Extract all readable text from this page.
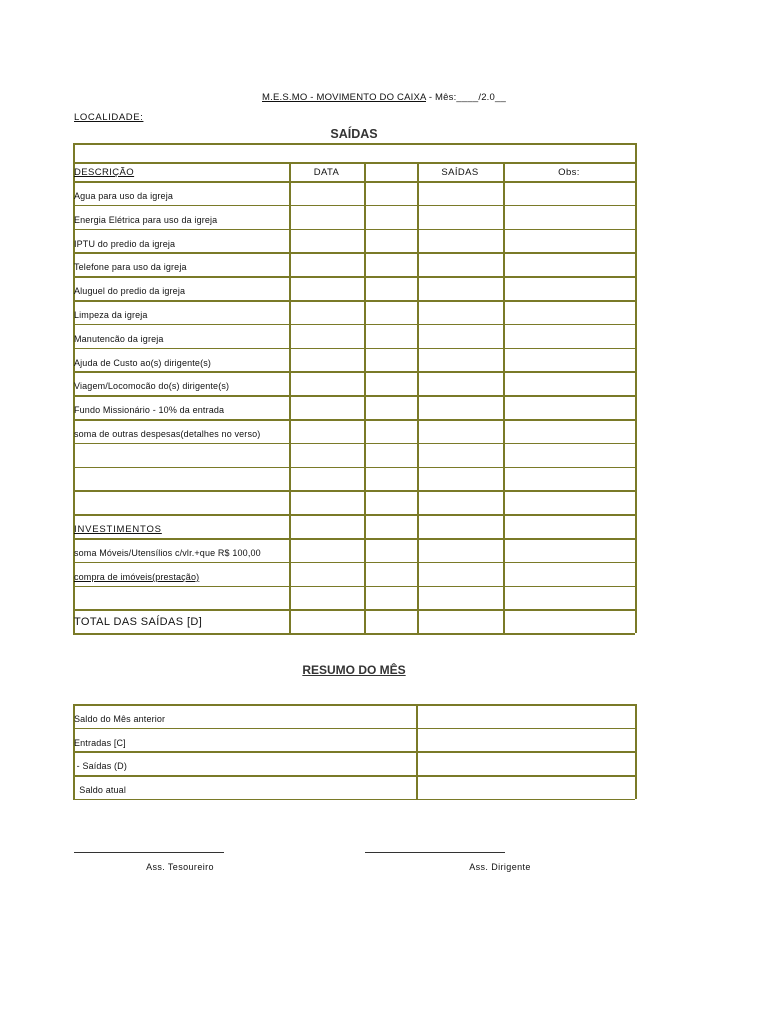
M.E.S.MO - MOVIMENTO DO CAIXA - Mês:____/2.0__
LOCALIDADE:
SAÍDAS
DESCRIÇÃO	DATA	SAÍDAS	Obs:
Agua para uso da igreja
Energia Elétrica para uso da igreja
IPTU do predio da igreja
Telefone para uso da igreja
Aluguel do predio da igreja
Limpeza da igreja
Manutencão da igreja
Ajuda de Custo ao(s) dirigente(s)
Viagem/Locomocão do(s) dirigente(s)
Fundo Missionário - 10% da entrada
soma de outras despesas(detalhes no verso)
INVESTIMENTOS
soma Móveis/Utensílios c/vlr.+que R$ 100,00
compra de imóveis(prestação)
TOTAL DAS SAÍDAS [D]
RESUMO DO MÊS
Saldo do Mês anterior
Entradas [C]
- Saídas (D)
Saldo atual
Ass. Tesoureiro	Ass. Dirigente
